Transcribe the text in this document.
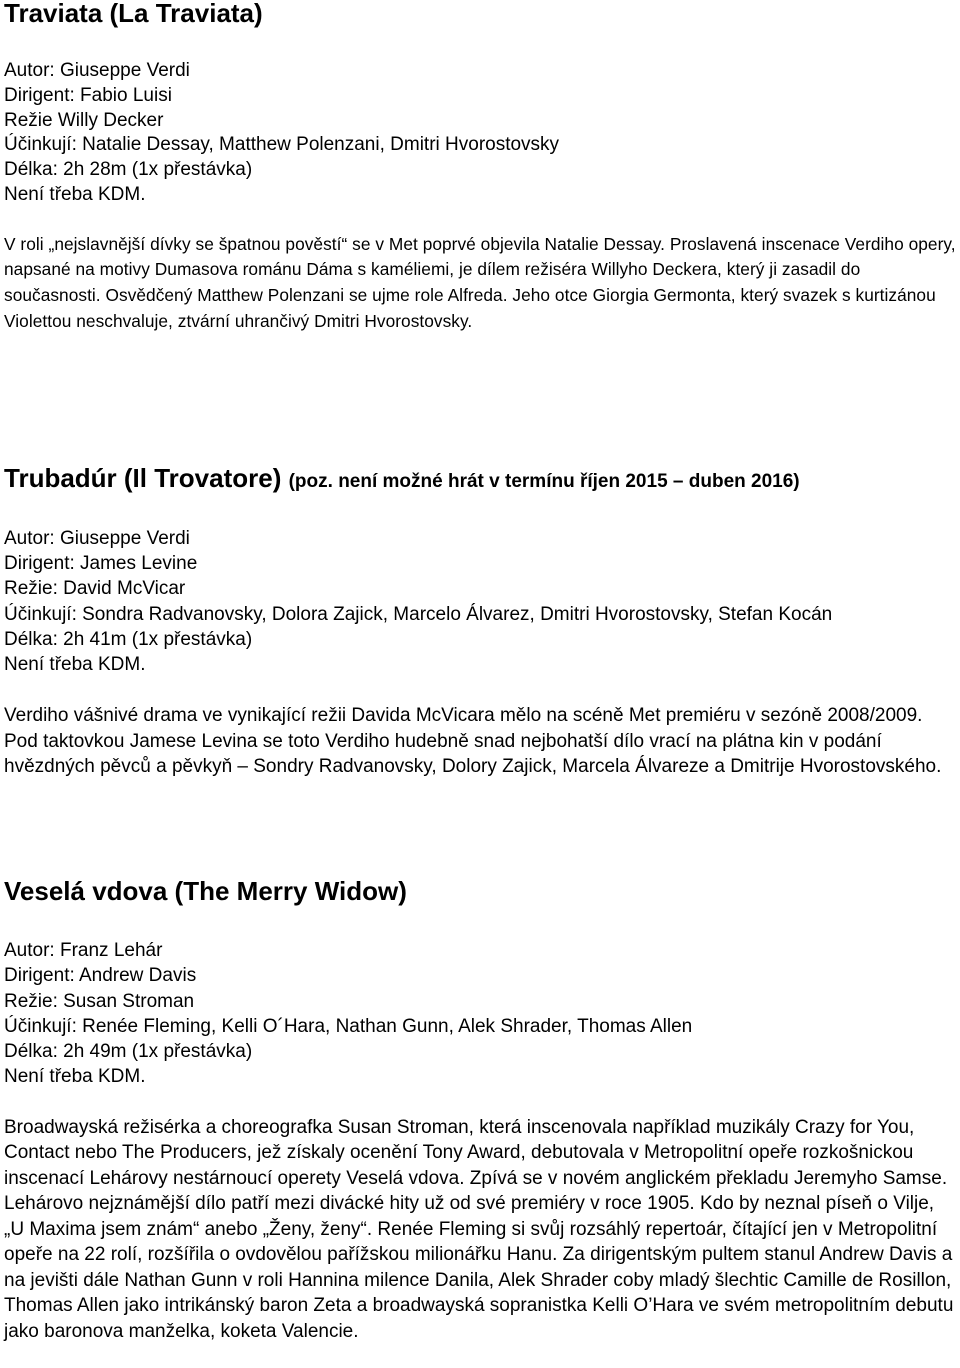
Traviata (La Traviata)
Autor: Giuseppe Verdi
Dirigent: Fabio Luisi
Režie Willy Decker
Účinkují: Natalie Dessay, Matthew Polenzani, Dmitri Hvorostovsky
Délka: 2h 28m (1x přestávka)
Není třeba KDM.

V roli „nejslavnější dívky se špatnou pověstí“ se v Met poprvé objevila Natalie Dessay. Proslavená inscenace Verdiho opery, napsané na motivy Dumasova románu Dáma s kaméliemi, je dílem režiséra Willyho Deckera, který ji zasadil do současnosti. Osvědčený Matthew Polenzani se ujme role Alfreda. Jeho otce Giorgia Germonta, který svazek s kurtizánou Violettou neschvaluje, ztvární uhrančivý Dmitri Hvorostovsky.

Trubadúr (Il Trovatore) (poz. není možné hrát v termínu říjen 2015 – duben 2016)
Autor: Giuseppe Verdi
Dirigent: James Levine
Režie: David McVicar
Účinkují: Sondra Radvanovsky, Dolora Zajick, Marcelo Álvarez, Dmitri Hvorostovsky, Stefan Kocán
Délka: 2h 41m (1x přestávka)
Není třeba KDM.

Verdiho vášnivé drama ve vynikající režii Davida McVicara mělo na scéně Met premiéru v sezóně 2008/2009. Pod taktovkou Jamese Levina se toto Verdiho hudebně snad nejbohatší dílo vrací na plátna kin v podání hvězdných pěvců a pěvkyň – Sondry Radvanovsky, Dolory Zajick, Marcela Álvareze a Dmitrije Hvorostovského.

Veselá vdova (The Merry Widow)
Autor: Franz Lehár
Dirigent: Andrew Davis
Režie: Susan Stroman
Účinkují: Renée Fleming, Kelli O´Hara, Nathan Gunn, Alek Shrader, Thomas Allen
Délka: 2h 49m (1x přestávka)
Není třeba KDM.

Broadwayská režisérka a choreografka Susan Stroman, která inscenovala například muzikály Crazy for You, Contact nebo The Producers, jež získaly ocenění Tony Award, debutovala v Metropolitní opeře rozkošnickou inscenací Lehárovy nestárnoucí operety Veselá vdova. Zpívá se v novém anglickém překladu Jeremyho Samse. Lehárovo nejznámější dílo patří mezi divácké hity už od své premiéry v roce 1905. Kdo by neznal píseň o Vilje, „U Maxima jsem znám“ anebo „Ženy, ženy“. Renée Fleming si svůj rozsáhlý repertoár, čítající jen v Metropolitní opeře na 22 rolí, rozšířila o ovdovělou pařížskou milionářku Hanu. Za dirigentským pultem stanul Andrew Davis a na jevišti dále Nathan Gunn v roli Hannina milence Danila, Alek Shrader coby mladý šlechtic Camille de Rosillon, Thomas Allen jako intrikánský baron Zeta a broadwayská sopranistka Kelli O’Hara ve svém metropolitním debutu jako baronova manželka, koketa Valencie.
